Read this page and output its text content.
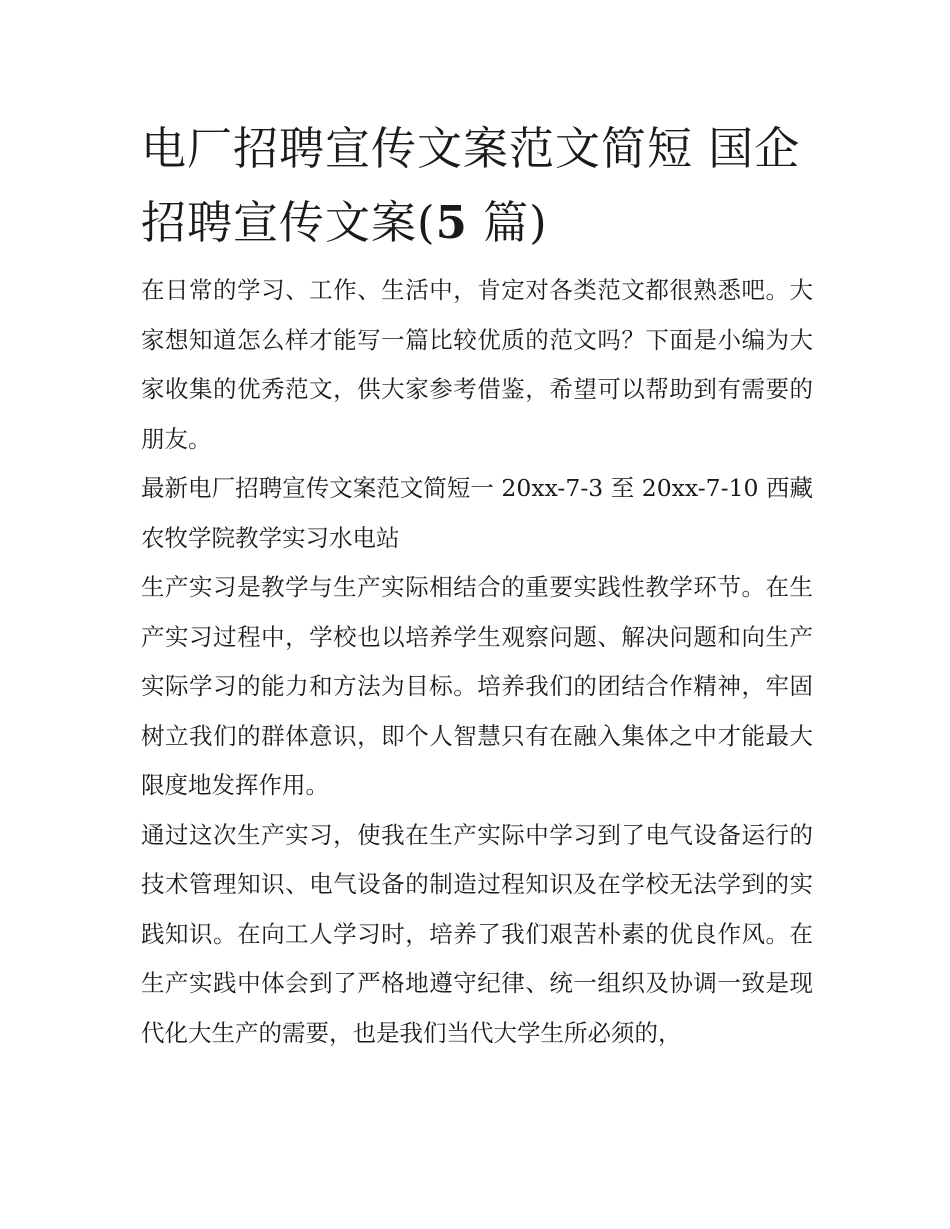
电厂招聘宣传文案范文简短 国企招聘宣传文案(5 篇)

在日常的学习、工作、生活中，肯定对各类范文都很熟悉吧。大家想知道怎么样才能写一篇比较优质的范文吗？下面是小编为大家收集的优秀范文，供大家参考借鉴，希望可以帮助到有需要的朋友。

最新电厂招聘宣传文案范文简短一 20xx-7-3 至 20xx-7-10 西藏农牧学院教学实习水电站

生产实习是教学与生产实际相结合的重要实践性教学环节。在生产实习过程中，学校也以培养学生观察问题、解决问题和向生产实际学习的能力和方法为目标。培养我们的团结合作精神，牢固树立我们的群体意识，即个人智慧只有在融入集体之中才能最大限度地发挥作用。

通过这次生产实习，使我在生产实际中学习到了电气设备运行的技术管理知识、电气设备的制造过程知识及在学校无法学到的实践知识。在向工人学习时，培养了我们艰苦朴素的优良作风。在生产实践中体会到了严格地遵守纪律、统一组织及协调一致是现代化大生产的需要，也是我们当代大学生所必须的，
